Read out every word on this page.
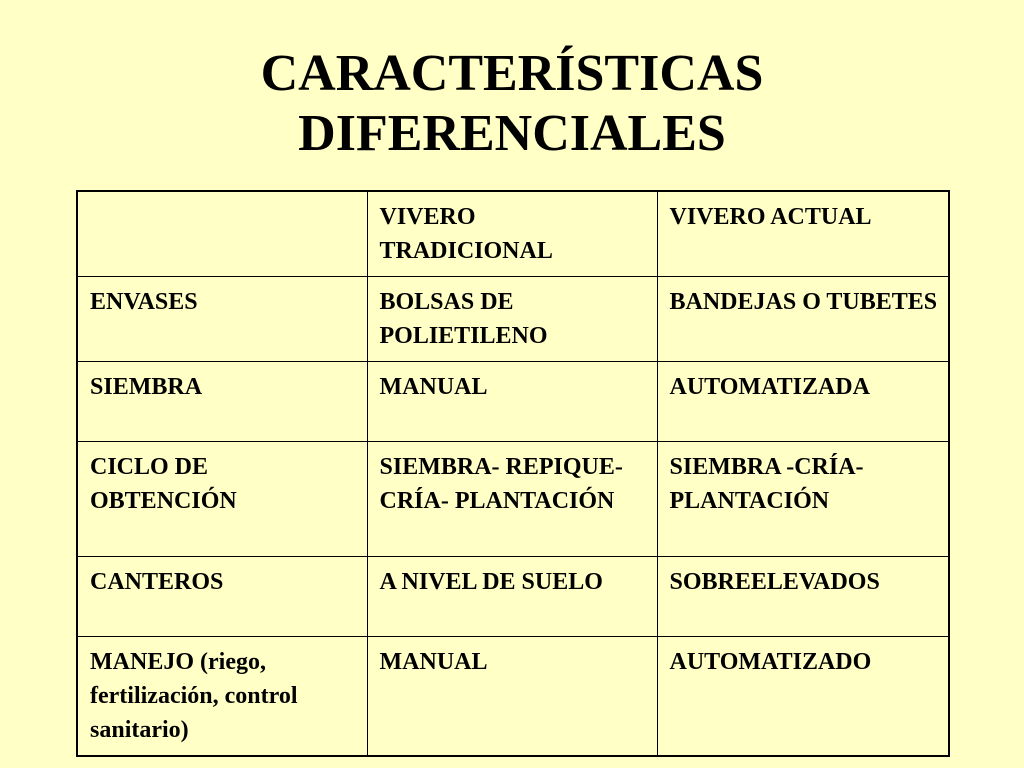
CARACTERÍSTICAS
DIFERENCIALES
	VIVERO TRADICIONAL	VIVERO ACTUAL
ENVASES	BOLSAS DE POLIETILENO	BANDEJAS O TUBETES
SIEMBRA	MANUAL	AUTOMATIZADA
CICLO DE OBTENCIÓN	SIEMBRA- REPIQUE- CRÍA- PLANTACIÓN	SIEMBRA -CRÍA- PLANTACIÓN
CANTEROS	A NIVEL DE SUELO	SOBREELEVADOS
MANEJO (riego, fertilización, control sanitario)	MANUAL	AUTOMATIZADO
